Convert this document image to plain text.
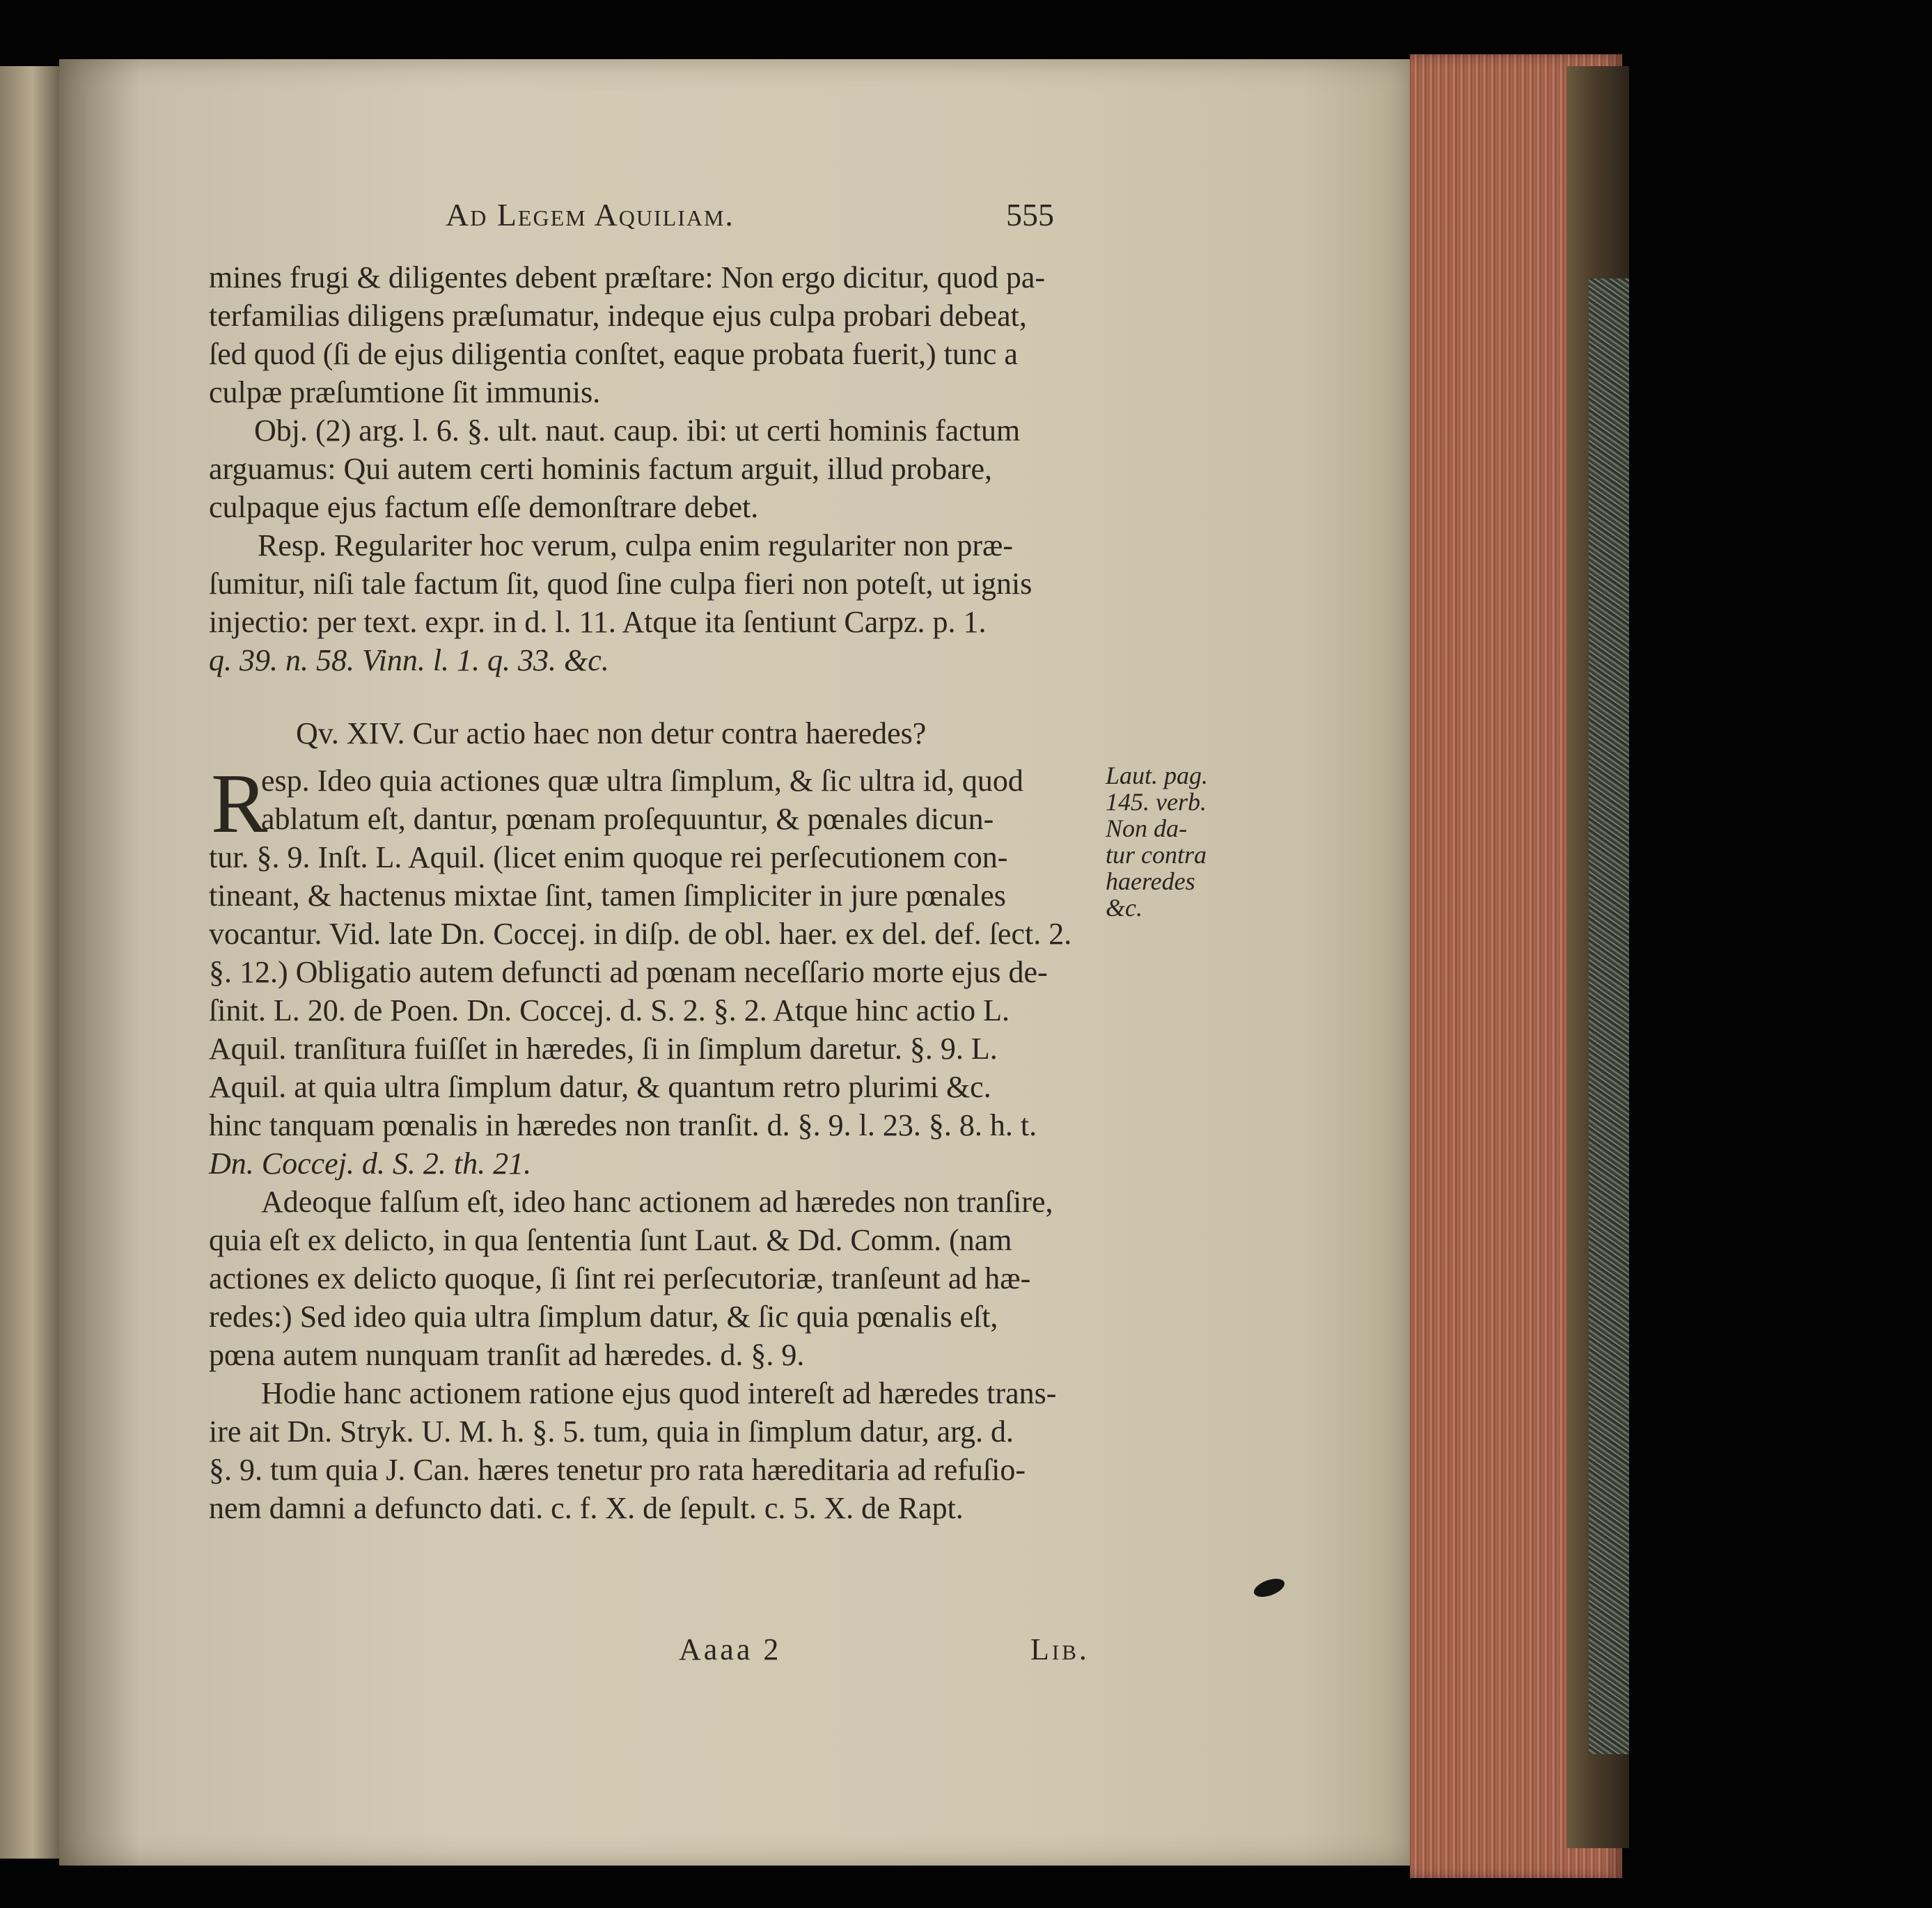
Ad Legem Aquiliam.	555
mines frugi & diligentes debent præſtare: Non ergo dicitur, quod pa-
terfamilias diligens præſumatur, indeque ejus culpa probari debeat,
ſed quod (ſi de ejus diligentia conſtet, eaque probata fuerit,) tunc a
culpæ præſumtione ſit immunis.
Obj. (2) arg. l. 6. §. ult. naut. caup. ibi: ut certi hominis factum
arguamus: Qui autem certi hominis factum arguit, illud probare,
culpaque ejus factum eſſe demonſtrare debet.
Resp. Regulariter hoc verum, culpa enim regulariter non præ-
ſumitur, niſi tale factum ſit, quod ſine culpa fieri non poteſt, ut ignis
injectio: per text. expr. in d. l. 11. Atque ita ſentiunt Carpz. p. 1.
q. 39. n. 58. Vinn. l. 1. q. 33. &c.
Qv. XIV. Cur actio haec non detur contra haeredes?
R
esp. Ideo quia actiones quæ ultra ſimplum, & ſic ultra id, quod
ablatum eſt, dantur, pœnam proſequuntur, & pœnales dicun-
tur. §. 9. Inſt. L. Aquil. (licet enim quoque rei perſecutionem con-
tineant, & hactenus mixtae ſint, tamen ſimpliciter in jure pœnales
vocantur. Vid. late Dn. Coccej. in diſp. de obl. haer. ex del. def. ſect. 2.
§. 12.) Obligatio autem defuncti ad pœnam neceſſario morte ejus de-
ſinit. L. 20. de Poen. Dn. Coccej. d. S. 2. §. 2. Atque hinc actio L.
Aquil. tranſitura fuiſſet in hæredes, ſi in ſimplum daretur. §. 9. L.
Aquil. at quia ultra ſimplum datur, & quantum retro plurimi &c.
hinc tanquam pœnalis in hæredes non tranſit. d. §. 9. l. 23. §. 8. h. t.
Dn. Coccej. d. S. 2. th. 21.
Adeoque falſum eſt, ideo hanc actionem ad hæredes non tranſire,
quia eſt ex delicto, in qua ſententia ſunt Laut. & Dd. Comm. (nam
actiones ex delicto quoque, ſi ſint rei perſecutoriæ, tranſeunt ad hæ-
redes:) Sed ideo quia ultra ſimplum datur, & ſic quia pœnalis eſt,
pœna autem nunquam tranſit ad hæredes. d. §. 9.
Hodie hanc actionem ratione ejus quod intereſt ad hæredes trans-
ire ait Dn. Stryk. U. M. h. §. 5. tum, quia in ſimplum datur, arg. d.
§. 9. tum quia J. Can. hæres tenetur pro rata hæreditaria ad refuſio-
nem damni a defuncto dati. c. f. X. de ſepult. c. 5. X. de Rapt.
Laut. pag.
145. verb.
Non da-
tur contra
haeredes
&c.
Aaaa 2	Lib.
